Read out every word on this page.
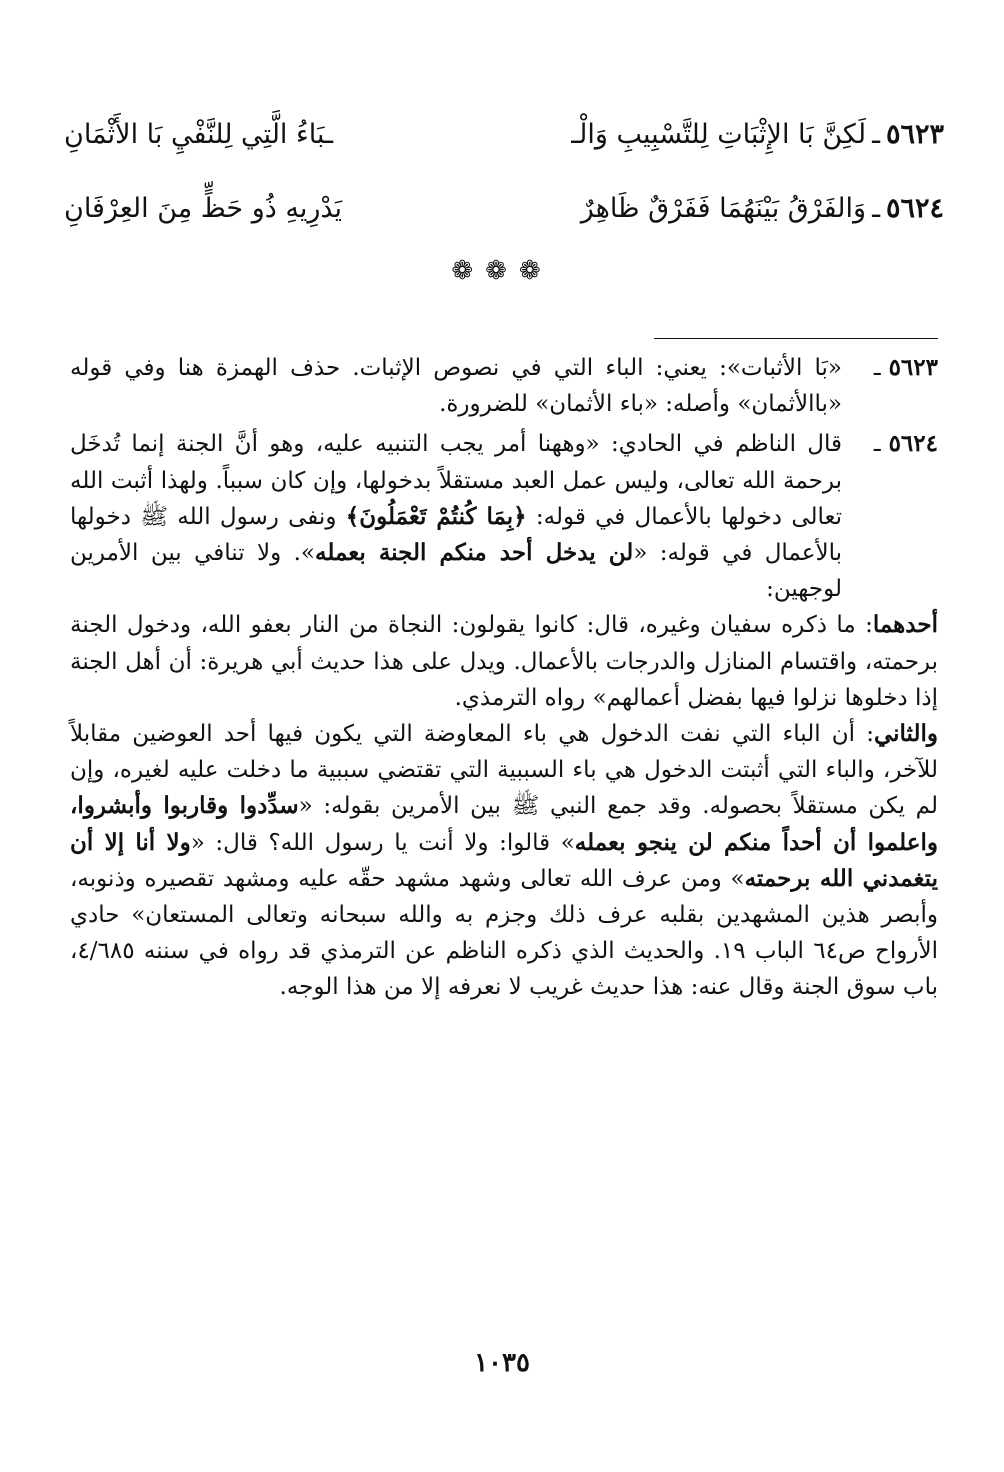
٥٦٢٣
ـ
لَكِنَّ بَا الإِثْبَاتِ لِلتَّسْبِيبِ وَالْـ
ـبَاءُ الَّتِي لِلنَّفْيِ بَا الأَثْمَانِ
٥٦٢٤
ـ
وَالفَرْقُ بَيْنَهُمَا فَفَرْقٌ ظَاهِرٌ
يَدْرِيهِ ذُو حَظٍّ مِنَ العِرْفَانِ
❁❁❁
٥٦٢٣ ـ

«بَا الأثبات»: يعني: الباء التي في نصوص الإثبات. حذف الهمزة هنا وفي قوله «باالأثمان» وأصله: «باء الأثمان» للضرورة.

٥٦٢٤ ـ

قال الناظم في الحادي: «وههنا أمر يجب التنبيه عليه، وهو أنَّ الجنة إنما تُدخَل برحمة الله تعالى، وليس عمل العبد مستقلاً بدخولها، وإن كان سبباً. ولهذا أثبت الله تعالى دخولها بالأعمال في قوله: ﴿بِمَا كُنتُمْ تَعْمَلُونَ﴾ ونفى رسول الله ﷺ دخولها بالأعمال في قوله: «لن يدخل أحد منكم الجنة بعمله». ولا تنافي بين الأمرين لوجهين:

أحدهما: ما ذكره سفيان وغيره، قال: كانوا يقولون: النجاة من النار بعفو الله، ودخول الجنة برحمته، واقتسام المنازل والدرجات بالأعمال. ويدل على هذا حديث أبي هريرة: أن أهل الجنة إذا دخلوها نزلوا فيها بفضل أعمالهم» رواه الترمذي.

والثاني: أن الباء التي نفت الدخول هي باء المعاوضة التي يكون فيها أحد العوضين مقابلاً للآخر، والباء التي أثبتت الدخول هي باء السببية التي تقتضي سببية ما دخلت عليه لغيره، وإن لم يكن مستقلاً بحصوله. وقد جمع النبي ﷺ بين الأمرين بقوله: «سدِّدوا وقاربوا وأبشروا، واعلموا أن أحداً منكم لن ينجو بعمله» قالوا: ولا أنت يا رسول الله؟ قال: «ولا أنا إلا أن يتغمدني الله برحمته» ومن عرف الله تعالى وشهد مشهد حقّه عليه ومشهد تقصيره وذنوبه، وأبصر هذين المشهدين بقلبه عرف ذلك وجزم به والله سبحانه وتعالى المستعان» حادي الأرواح ص٦٤ الباب ١٩. والحديث الذي ذكره الناظم عن الترمذي قد رواه في سننه ٤/٦٨٥، باب سوق الجنة وقال عنه: هذا حديث غريب لا نعرفه إلا من هذا الوجه.

١٠٣٥
